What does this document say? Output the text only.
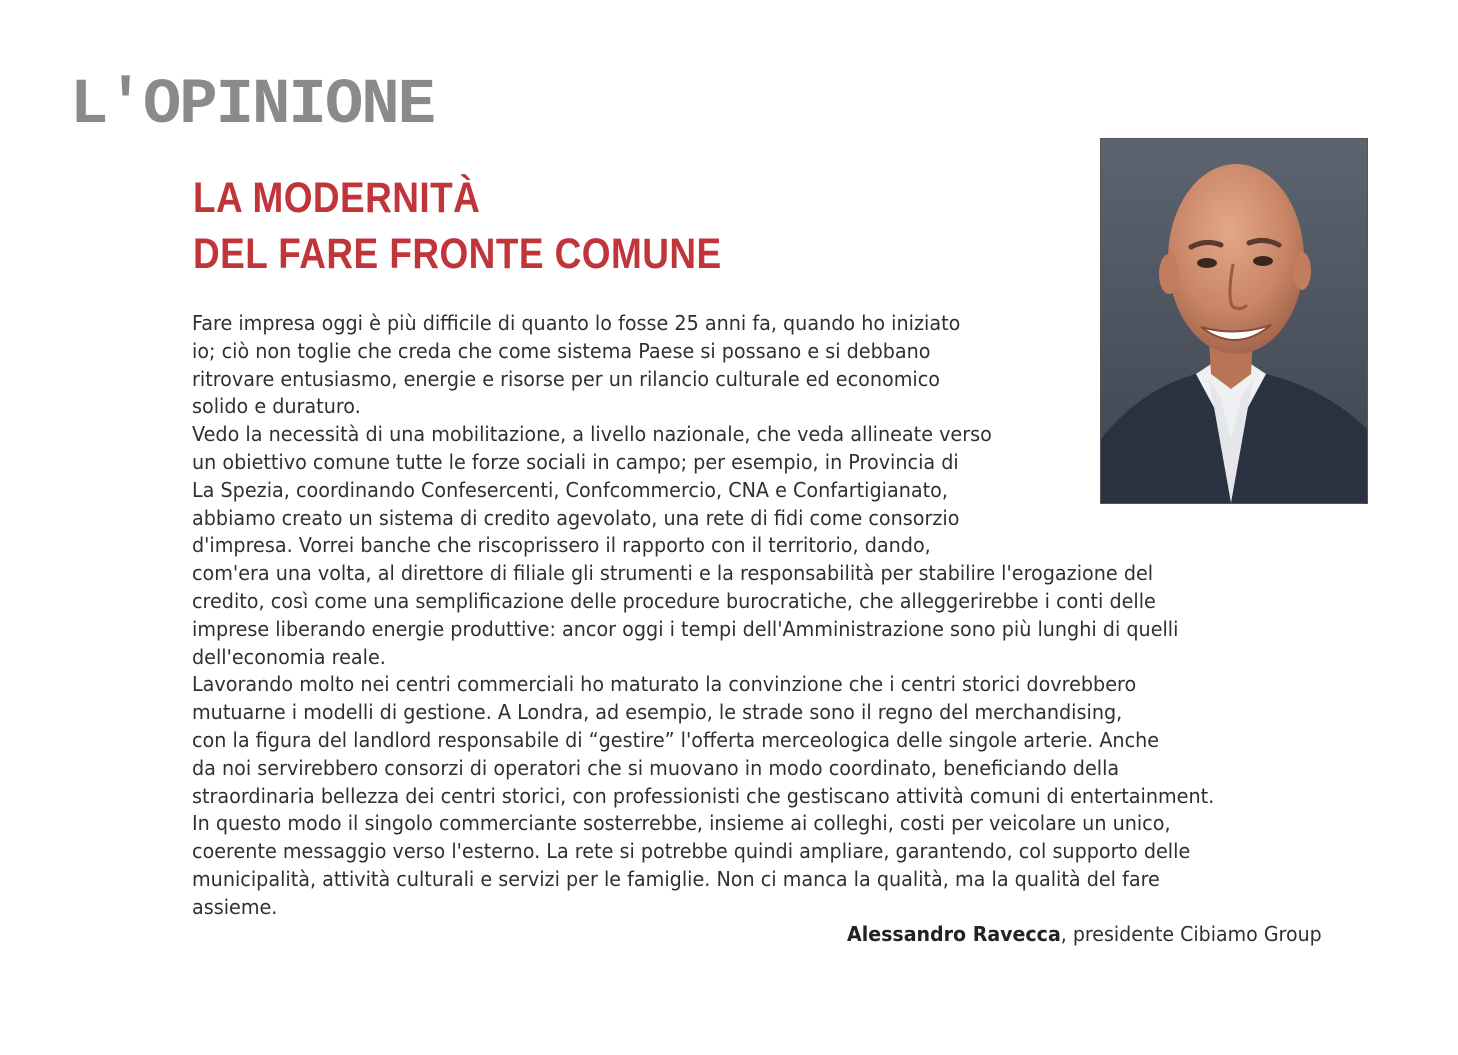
L'OPINIONE
LA MODERNITÀ
DEL FARE FRONTE COMUNE
Fare impresa oggi è più difficile di quanto lo fosse 25 anni fa, quando ho iniziato
io; ciò non toglie che creda che come sistema Paese si possano e si debbano
ritrovare entusiasmo, energie e risorse per un rilancio culturale ed economico
solido e duraturo.
Vedo la necessità di una mobilitazione, a livello nazionale, che veda allineate verso
un obiettivo comune tutte le forze sociali in campo; per esempio, in Provincia di
La Spezia, coordinando Confesercenti, Confcommercio, CNA e Confartigianato,
abbiamo creato un sistema di credito agevolato, una rete di fidi come consorzio
d'impresa. Vorrei banche che riscoprissero il rapporto con il territorio, dando,
com'era una volta, al direttore di filiale gli strumenti e la responsabilità per stabilire l'erogazione del
credito, così come una semplificazione delle procedure burocratiche, che alleggerirebbe i conti delle
imprese liberando energie produttive: ancor oggi i tempi dell'Amministrazione sono più lunghi di quelli
dell'economia reale.
Lavorando molto nei centri commerciali ho maturato la convinzione che i centri storici dovrebbero
mutuarne i modelli di gestione. A Londra, ad esempio, le strade sono il regno del merchandising,
con la figura del landlord responsabile di “gestire” l'offerta merceologica delle singole arterie. Anche
da noi servirebbero consorzi di operatori che si muovano in modo coordinato, beneficiando della
straordinaria bellezza dei centri storici, con professionisti che gestiscano attività comuni di entertainment.
In questo modo il singolo commerciante sosterrebbe, insieme ai colleghi, costi per veicolare un unico,
coerente messaggio verso l'esterno. La rete si potrebbe quindi ampliare, garantendo, col supporto delle
municipalità, attività culturali e servizi per le famiglie. Non ci manca la qualità, ma la qualità del fare
assieme.
Alessandro Ravecca, presidente Cibiamo Group
